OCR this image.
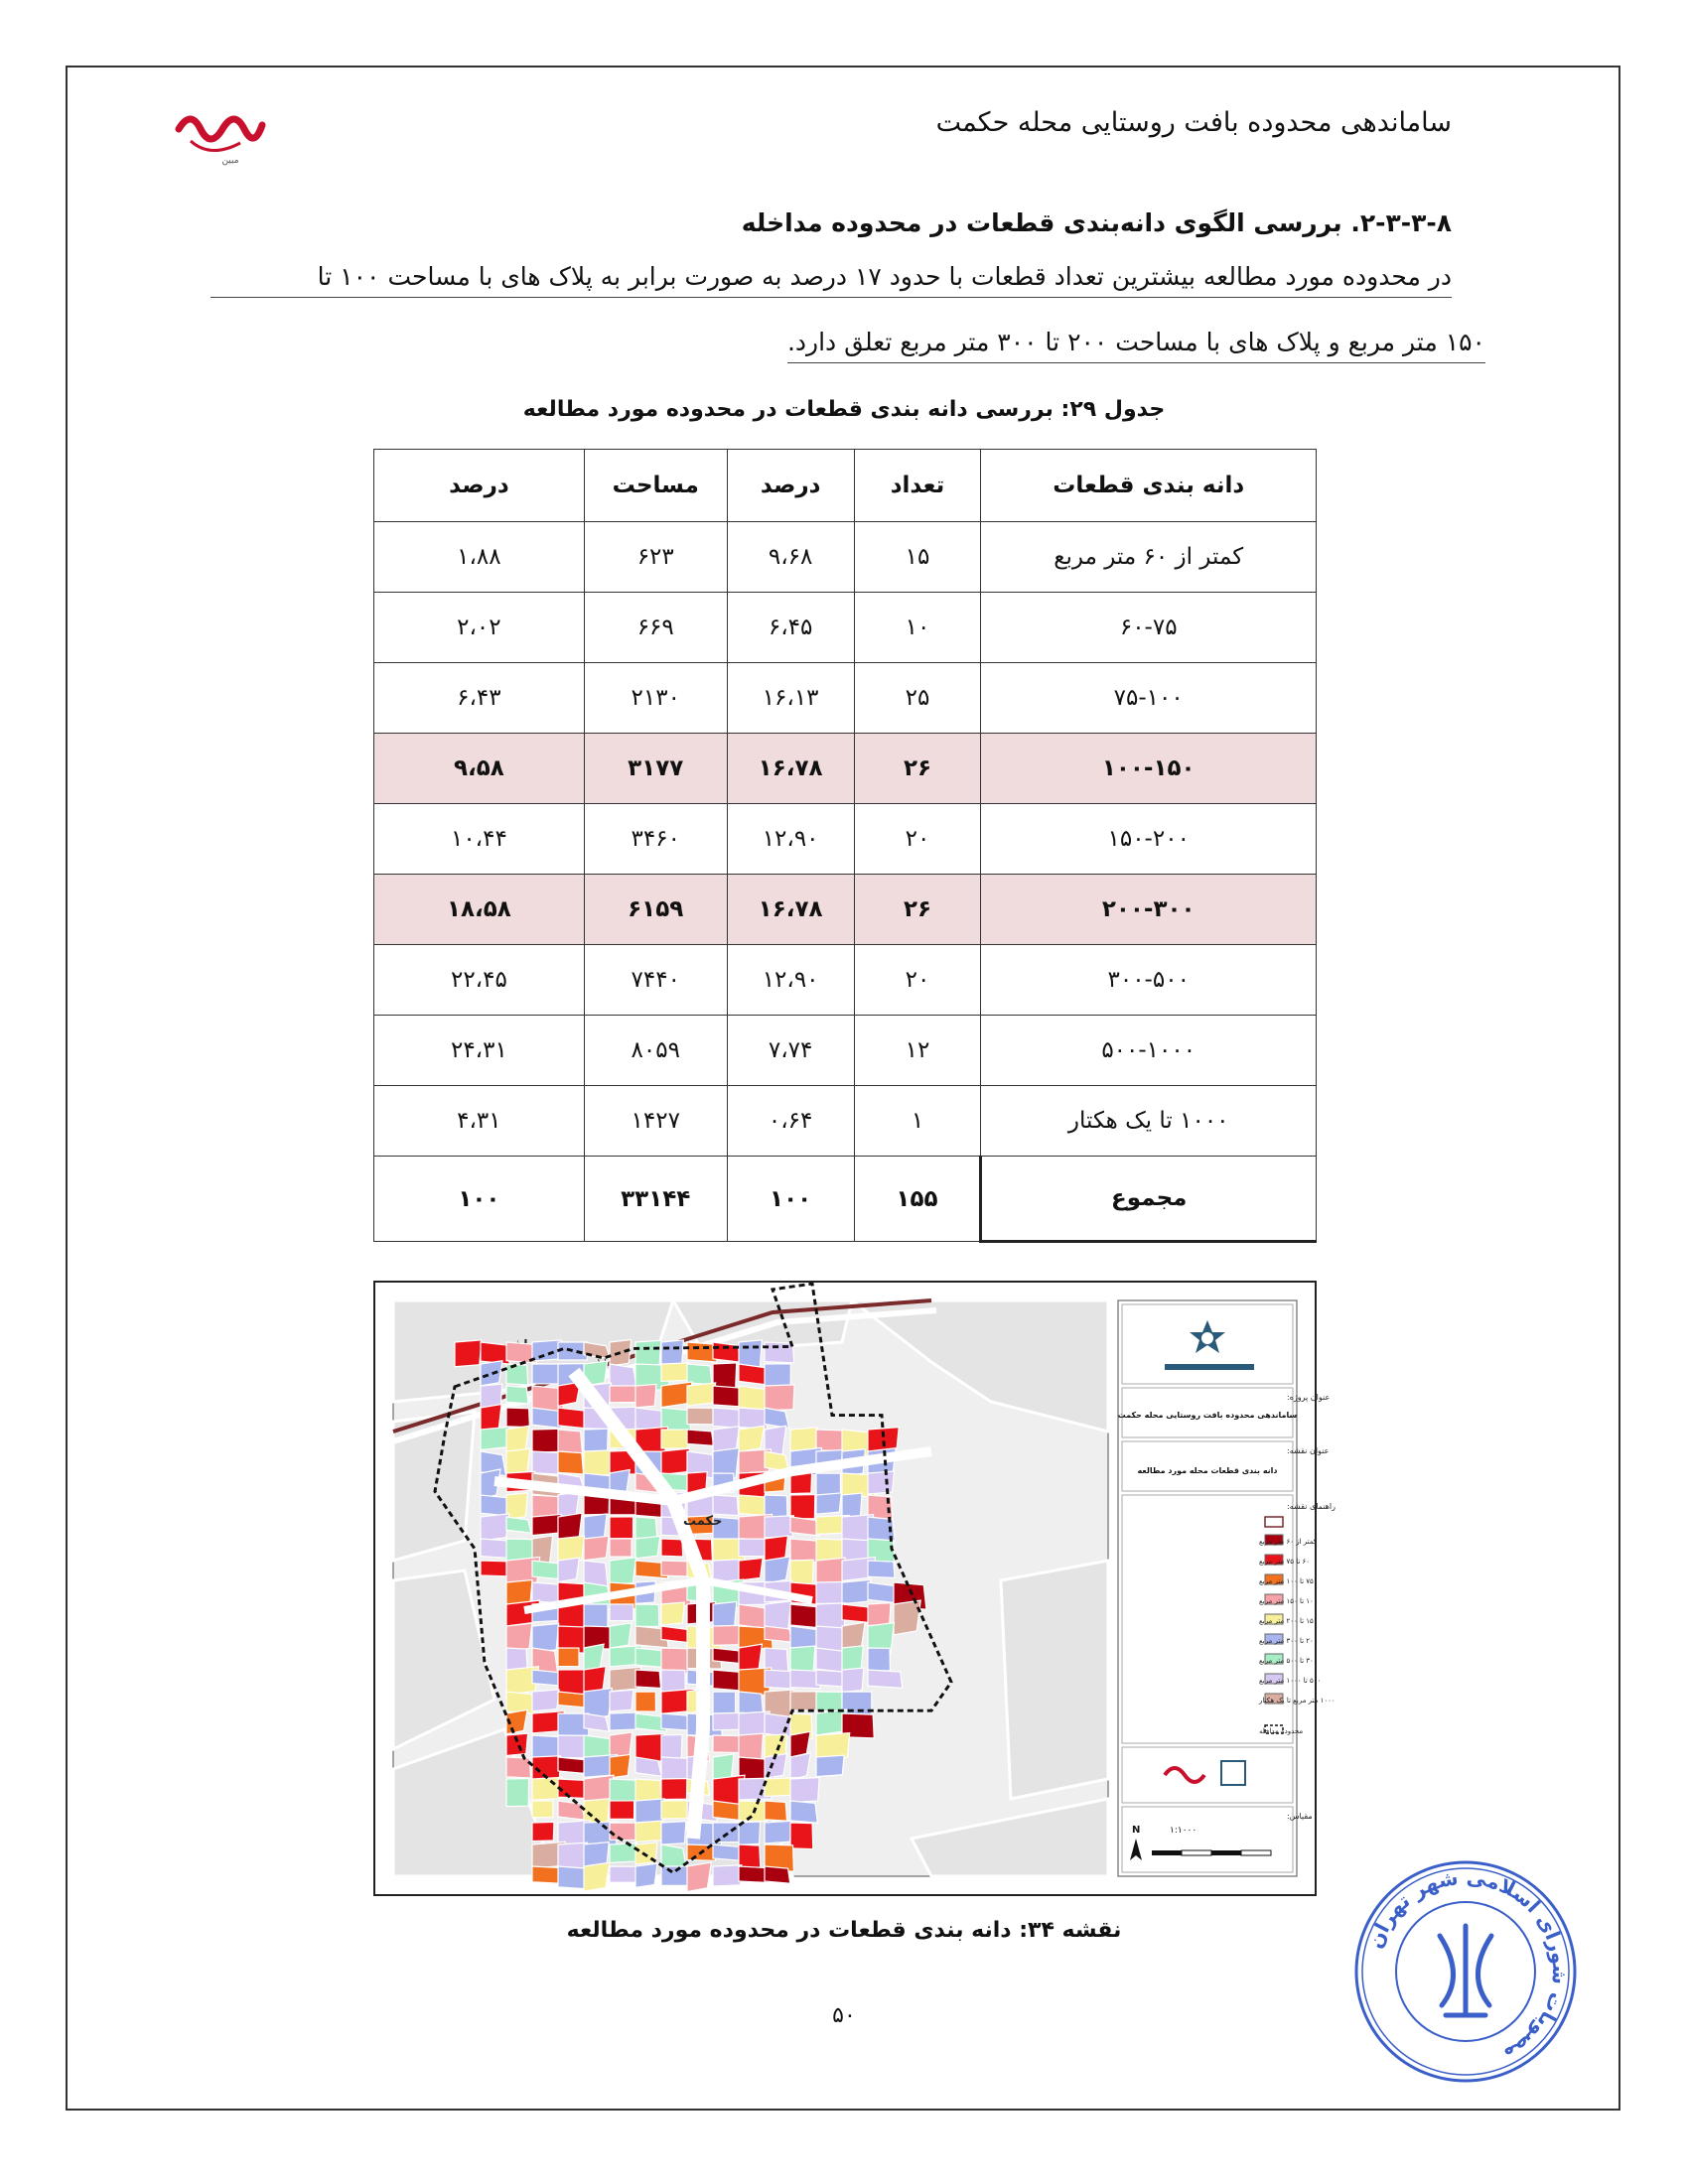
مبین
ساماندهی محدوده بافت روستایی محله حکمت
۲-۳-۳-۸. بررسی الگوی دانه‌بندی قطعات در محدوده مداخله
در محدوده مورد مطالعه بیشترین تعداد قطعات با حدود ۱۷ درصد به صورت برابر به پلاک های با مساحت ۱۰۰ تا
۱۵۰ متر مربع و پلاک های با مساحت ۲۰۰ تا ۳۰۰ متر مربع تعلق دارد.
جدول ۲۹: بررسی دانه بندی قطعات در محدوده مورد مطالعه
دانه بندی قطعات	تعداد	درصد	مساحت	درصد
کمتر از ۶۰ متر مربع	۱۵	۹،۶۸	۶۲۳	۱،۸۸
۶۰-۷۵	۱۰	۶،۴۵	۶۶۹	۲،۰۲
۷۵-۱۰۰	۲۵	۱۶،۱۳	۲۱۳۰	۶،۴۳
۱۰۰-۱۵۰	۲۶	۱۶،۷۸	۳۱۷۷	۹،۵۸
۱۵۰-۲۰۰	۲۰	۱۲،۹۰	۳۴۶۰	۱۰،۴۴
۲۰۰-۳۰۰	۲۶	۱۶،۷۸	۶۱۵۹	۱۸،۵۸
۳۰۰-۵۰۰	۲۰	۱۲،۹۰	۷۴۴۰	۲۲،۴۵
۵۰۰-۱۰۰۰	۱۲	۷،۷۴	۸۰۵۹	۲۴،۳۱
۱۰۰۰ تا یک هکتار	۱	۰،۶۴	۱۴۲۷	۴،۳۱
مجموع	۱۵۵	۱۰۰	۳۳۱۴۴	۱۰۰
حکمت
عنوان پروژه:
ساماندهی محدوده بافت روستایی محله حکمت
عنوان نقشه:
دانه بندی قطعات محله مورد مطالعه
راهنمای نقشه:
کمتر از ۶۰ متر مربع
۶۰ تا ۷۵ متر مربع
۷۵ تا ۱۰۰ متر مربع
۱۰۰ تا ۱۵۰ متر مربع
۱۵۰ تا ۲۰۰ متر مربع
۲۰۰ تا ۳۰۰ متر مربع
۳۰۰ تا ۵۰۰ متر مربع
۵۰۰ تا ۱۰۰۰ متر مربع
۱۰۰۰ متر مربع تا یک هکتار
محدوده مداخله
مقیاس:
۱:۱۰۰۰
N
نقشه ۳۴: دانه بندی قطعات در محدوده مورد مطالعه
۵۰
مصوبات شورای اسلامی شهر تهران
